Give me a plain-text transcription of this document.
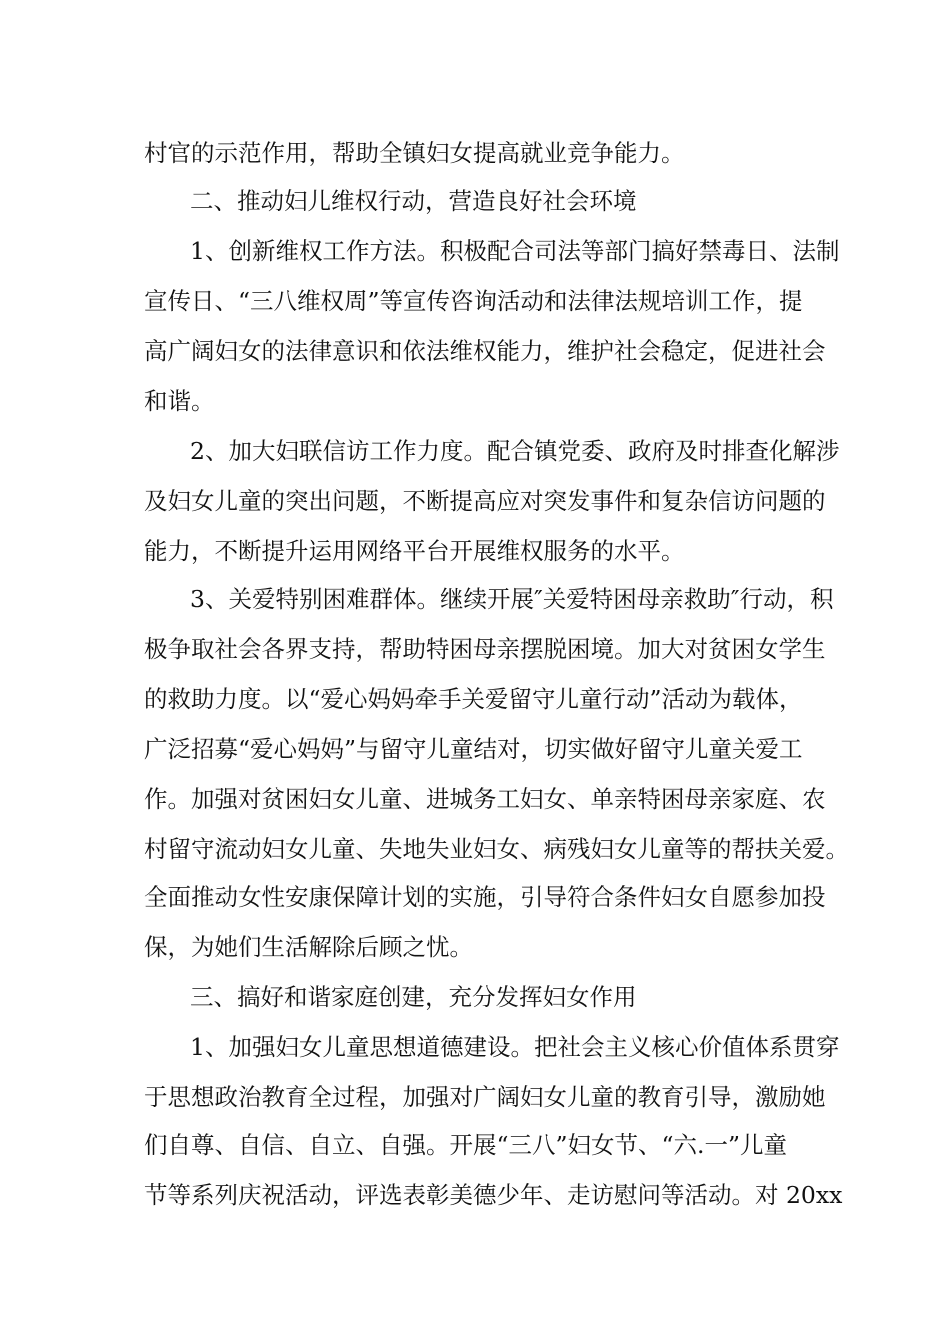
村官的示范作用，帮助全镇妇女提高就业竞争能力。
二、推动妇儿维权行动，营造良好社会环境
1、创新维权工作方法。积极配合司法等部门搞好禁毒日、法制
宣传日、“三八维权周”等宣传咨询活动和法律法规培训工作，提
高广阔妇女的法律意识和依法维权能力，维护社会稳定，促进社会
和谐。
2、加大妇联信访工作力度。配合镇党委、政府及时排查化解涉
及妇女儿童的突出问题，不断提高应对突发事件和复杂信访问题的
能力，不断提升运用网络平台开展维权服务的水平。
3、关爱特别困难群体。继续开展″关爱特困母亲救助″行动，积
极争取社会各界支持，帮助特困母亲摆脱困境。加大对贫困女学生
的救助力度。以“爱心妈妈牵手关爱留守儿童行动”活动为载体，
广泛招募“爱心妈妈”与留守儿童结对，切实做好留守儿童关爱工
作。加强对贫困妇女儿童、进城务工妇女、单亲特困母亲家庭、农
村留守流动妇女儿童、失地失业妇女、病残妇女儿童等的帮扶关爱。
全面推动女性安康保障计划的实施，引导符合条件妇女自愿参加投
保，为她们生活解除后顾之忧。
三、搞好和谐家庭创建，充分发挥妇女作用
1、加强妇女儿童思想道德建设。把社会主义核心价值体系贯穿
于思想政治教育全过程，加强对广阔妇女儿童的教育引导，激励她
们自尊、自信、自立、自强。开展“三八”妇女节、“六.一”儿童
节等系列庆祝活动，评选表彰美德少年、走访慰问等活动。对 20xx
